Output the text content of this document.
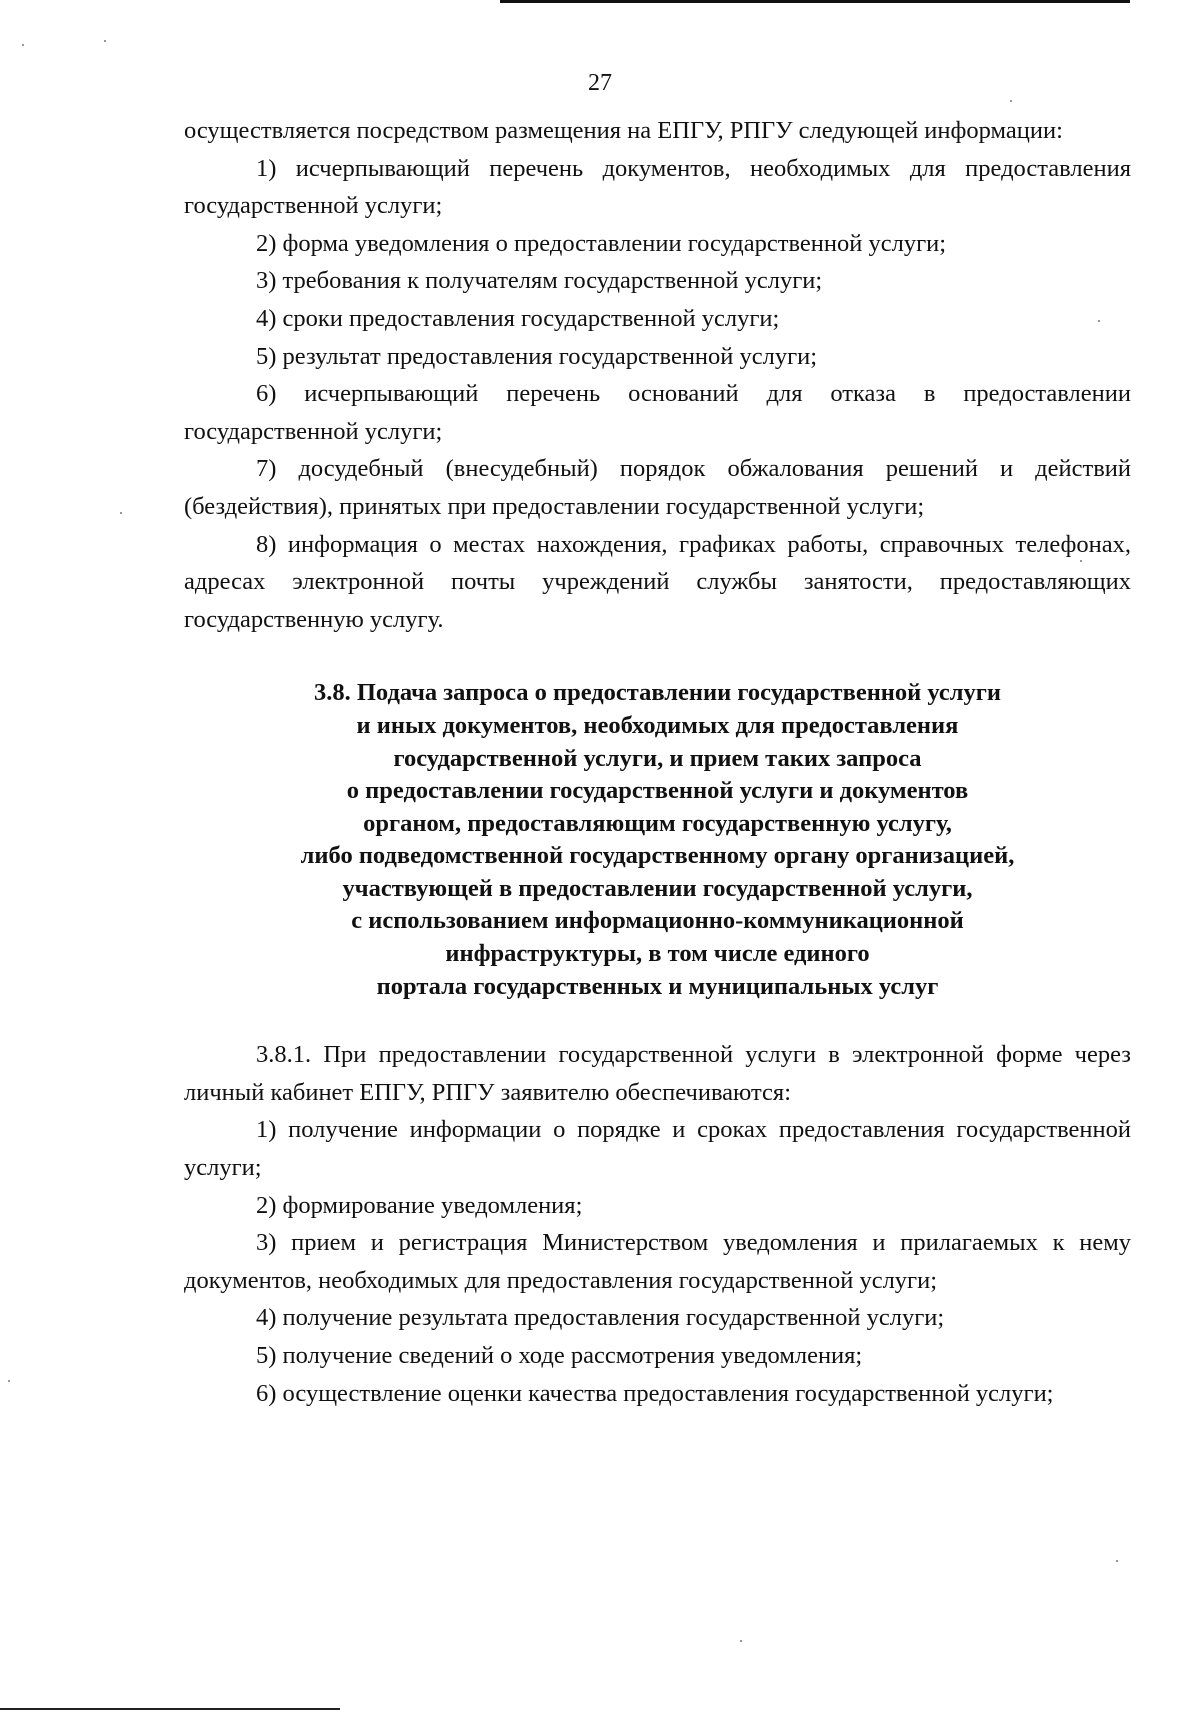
27

осуществляется посредством размещения на ЕПГУ, РПГУ следующей информации:

1) исчерпывающий перечень документов, необходимых для предоставления государственной услуги;

2) форма уведомления о предоставлении государственной услуги;

3) требования к получателям государственной услуги;

4) сроки предоставления государственной услуги;

5) результат предоставления государственной услуги;

6) исчерпывающий перечень оснований для отказа в предоставлении государственной услуги;

7) досудебный (внесудебный) порядок обжалования решений и действий (бездействия), принятых при предоставлении государственной услуги;

8) информация о местах нахождения, графиках работы, справочных телефонах, адресах электронной почты учреждений службы занятости, предоставляющих государственную услугу.

3.8. Подача запроса о предоставлении государственной услуги
и иных документов, необходимых для предоставления
государственной услуги, и прием таких запроса
о предоставлении государственной услуги и документов
органом, предоставляющим государственную услугу,
либо подведомственной государственному органу организацией,
участвующей в предоставлении государственной услуги,
с использованием информационно-коммуникационной
инфраструктуры, в том числе единого
портала государственных и муниципальных услуг

3.8.1. При предоставлении государственной услуги в электронной форме через личный кабинет ЕПГУ, РПГУ заявителю обеспечиваются:

1) получение информации о порядке и сроках предоставления государственной услуги;

2) формирование уведомления;

3) прием и регистрация Министерством уведомления и прилагаемых к нему документов, необходимых для предоставления государственной услуги;

4) получение результата предоставления государственной услуги;

5) получение сведений о ходе рассмотрения уведомления;

6) осуществление оценки качества предоставления государственной услуги;
